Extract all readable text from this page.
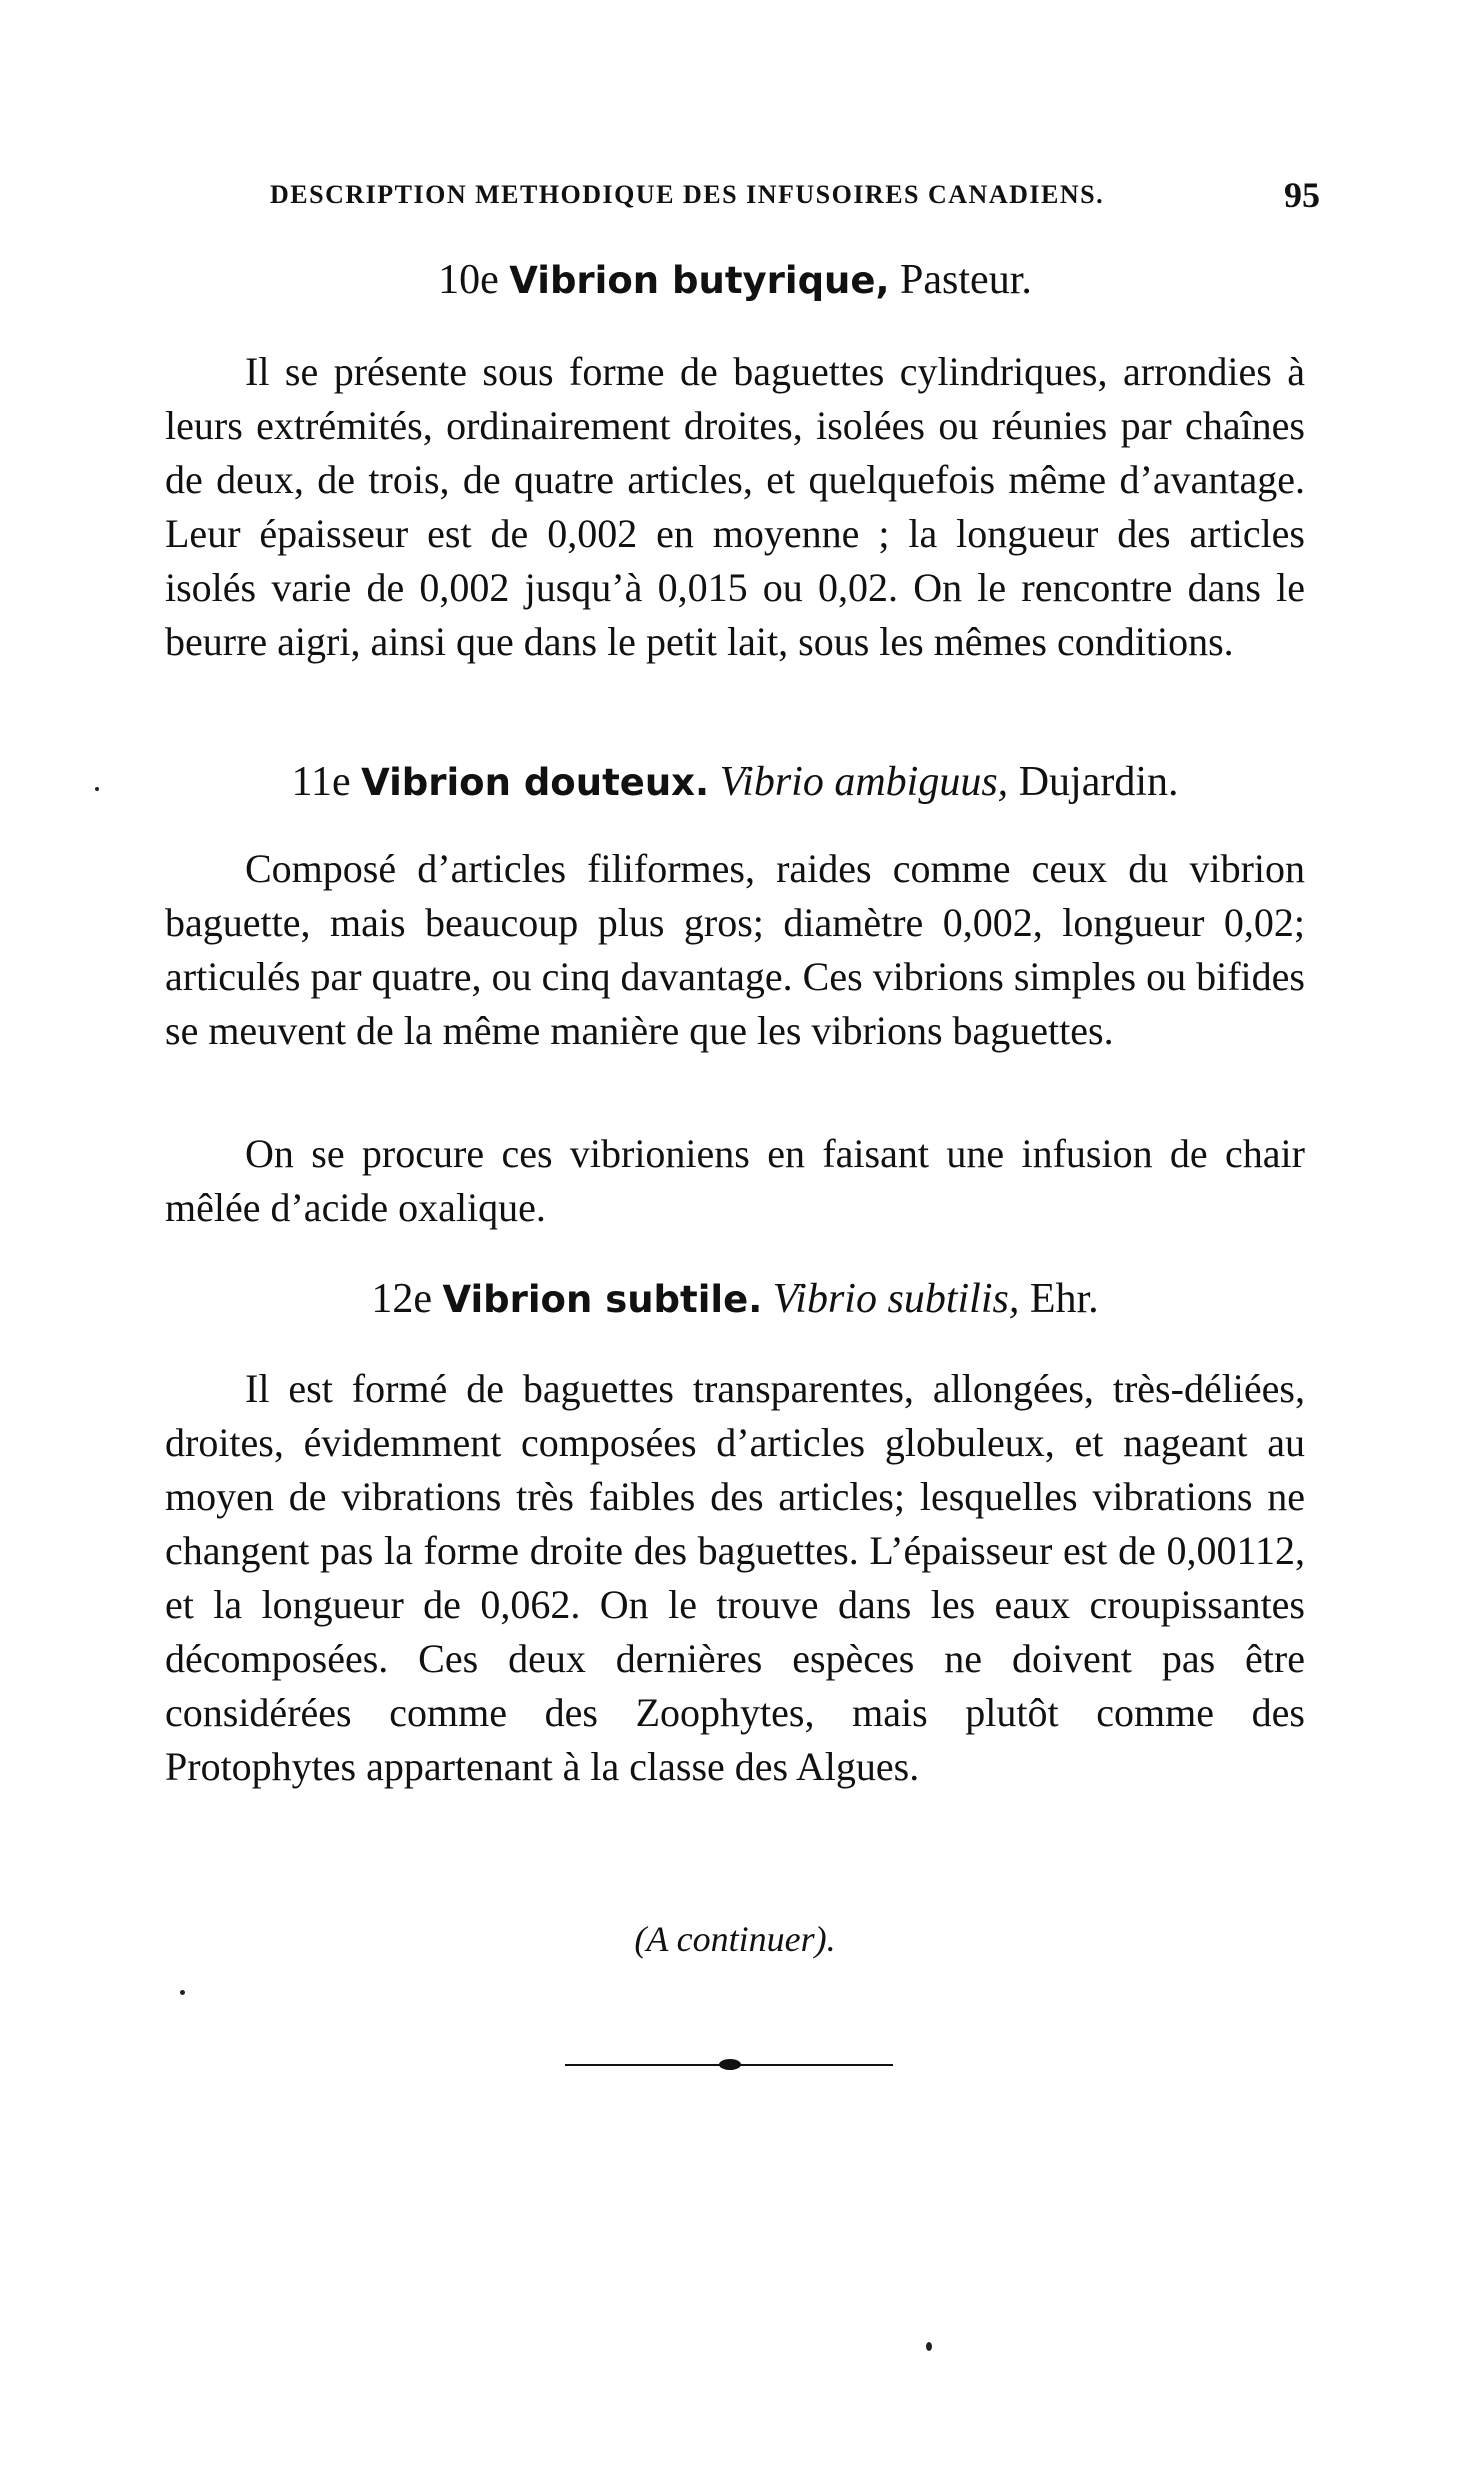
DESCRIPTION METHODIQUE DES INFUSOIRES CANADIENS.	95
10e Vibrion butyrique, Pasteur.

Il se présente sous forme de baguettes cylindriques, arrondies à leurs extrémités, ordinairement droites, isolées ou réunies par chaînes de deux, de trois, de quatre articles, et quelquefois même d’avantage. Leur épaisseur est de 0,002 en moyenne ; la longueur des articles isolés varie de 0,002 jusqu’à 0,015 ou 0,02. On le rencontre dans le beurre aigri, ainsi que dans le petit lait, sous les mêmes conditions.

11e Vibrion douteux. Vibrio ambiguus, Dujardin.

Composé d’articles filiformes, raides comme ceux du vibrion baguette, mais beaucoup plus gros; diamètre 0,002, longueur 0,02; articulés par quatre, ou cinq davantage. Ces vibrions simples ou bifides se meuvent de la même manière que les vibrions baguettes.

On se procure ces vibrioniens en faisant une infusion de chair mêlée d’acide oxalique.

12e Vibrion subtile. Vibrio subtilis, Ehr.

Il est formé de baguettes transparentes, allongées, très-déliées, droites, évidemment composées d’articles globuleux, et nageant au moyen de vibrations très faibles des articles; lesquelles vibrations ne changent pas la forme droite des baguettes. L’épaisseur est de 0,00112, et la longueur de 0,062. On le trouve dans les eaux croupissantes décomposées. Ces deux dernières espèces ne doivent pas être considérées comme des Zoophytes, mais plutôt comme des Protophytes appartenant à la classe des Algues.

(A continuer).
